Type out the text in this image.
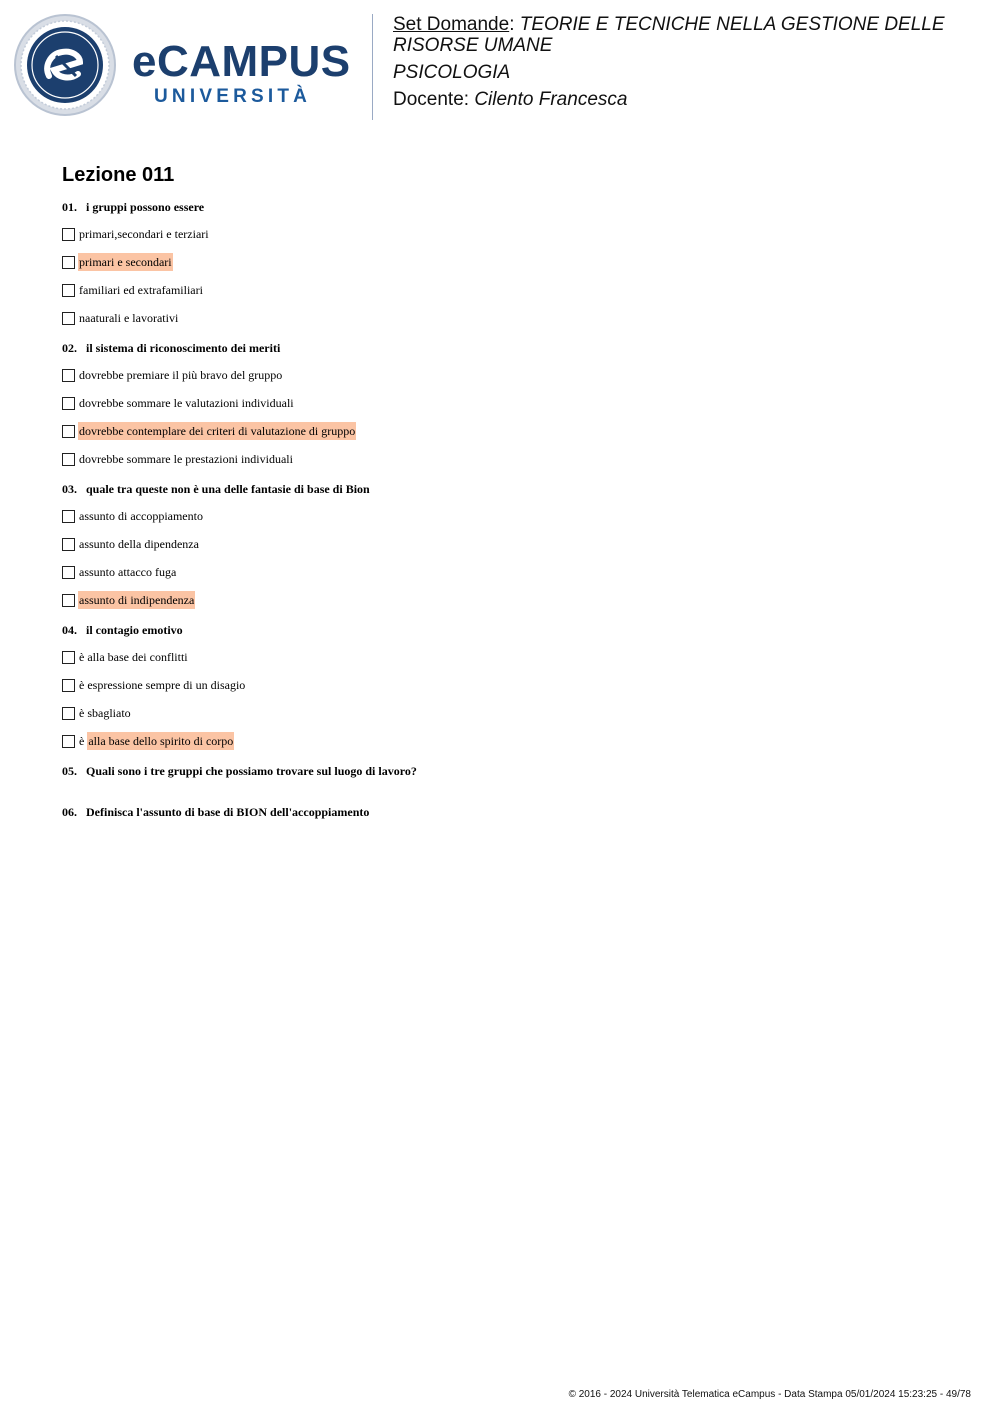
eCAMPUS
UNIVERSITÀ
Set Domande: TEORIE E TECNICHE NELLA GESTIONE DELLE
RISORSE UMANE
PSICOLOGIA
Docente: Cilento Francesca
Lezione 011
01. i gruppi possono essere
primari,secondari e terziari
primari e secondari
familiari ed extrafamiliari
naaturali e lavorativi
02. il sistema di riconoscimento dei meriti
dovrebbe premiare il più bravo del gruppo
dovrebbe sommare le valutazioni individuali
dovrebbe contemplare dei criteri di valutazione di gruppo
dovrebbe sommare le prestazioni individuali
03. quale tra queste non è una delle fantasie di base di Bion
assunto di accoppiamento
assunto della dipendenza
assunto attacco fuga
assunto di indipendenza
04. il contagio emotivo
è alla base dei conflitti
è espressione sempre di un disagio
è sbagliato
è alla base dello spirito di corpo
05. Quali sono i tre gruppi che possiamo trovare sul luogo di lavoro?
06. Definisca l'assunto di base di BION dell'accoppiamento
© 2016 - 2024 Università Telematica eCampus - Data Stampa 05/01/2024 15:23:25 - 49/78
